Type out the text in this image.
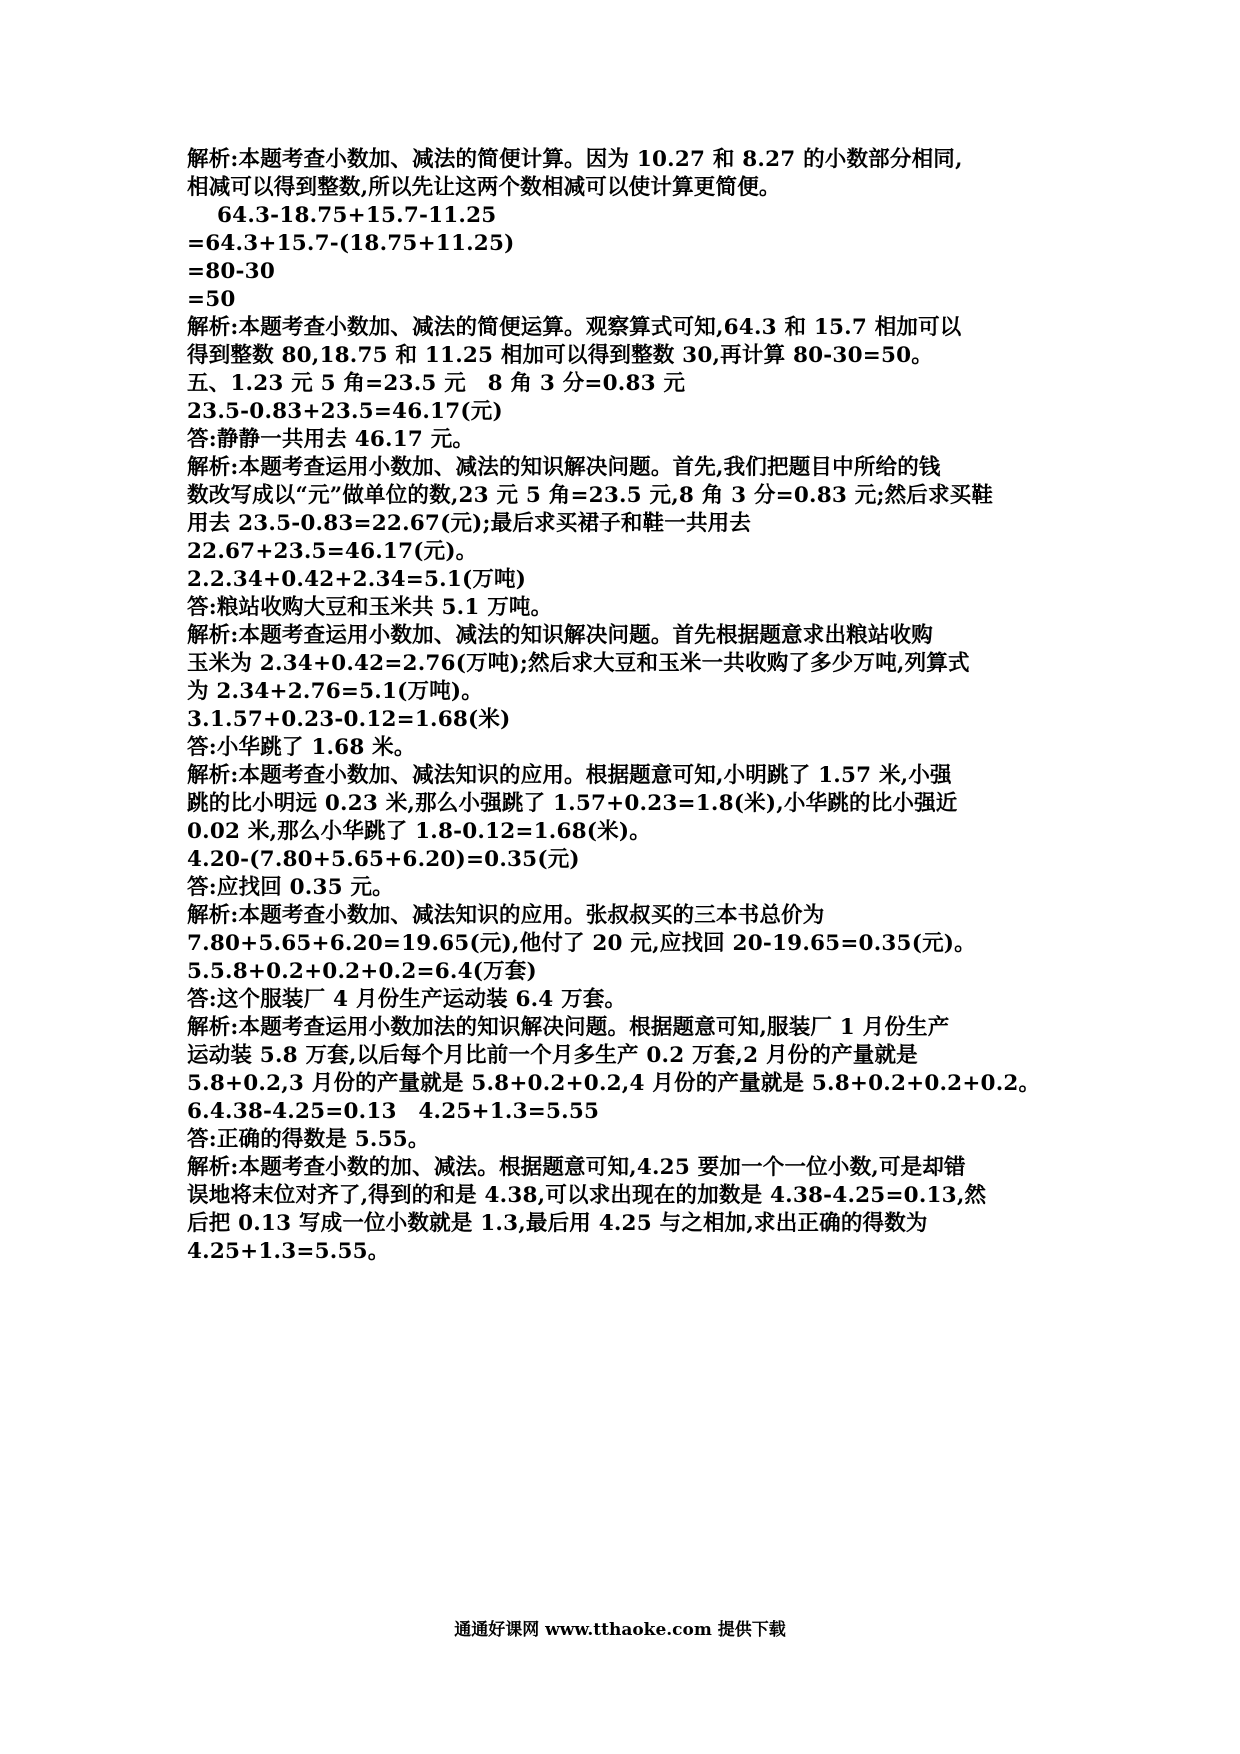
解析:本题考查小数加、减法的简便计算。因为 10.27 和 8.27 的小数部分相同,
相减可以得到整数,所以先让这两个数相减可以使计算更简便。
64.3-18.75+15.7-11.25
=64.3+15.7-(18.75+11.25)
=80-30
=50
解析:本题考查小数加、减法的简便运算。观察算式可知,64.3 和 15.7 相加可以
得到整数 80,18.75 和 11.25 相加可以得到整数 30,再计算 80-30=50。
五、1.23 元 5 角=23.5 元　8 角 3 分=0.83 元
23.5-0.83+23.5=46.17(元)
答:静静一共用去 46.17 元。
解析:本题考查运用小数加、减法的知识解决问题。首先,我们把题目中所给的钱
数改写成以“元”做单位的数,23 元 5 角=23.5 元,8 角 3 分=0.83 元;然后求买鞋
用去 23.5-0.83=22.67(元);最后求买裙子和鞋一共用去
22.67+23.5=46.17(元)。
2.2.34+0.42+2.34=5.1(万吨)
答:粮站收购大豆和玉米共 5.1 万吨。
解析:本题考查运用小数加、减法的知识解决问题。首先根据题意求出粮站收购
玉米为 2.34+0.42=2.76(万吨);然后求大豆和玉米一共收购了多少万吨,列算式
为 2.34+2.76=5.1(万吨)。
3.1.57+0.23-0.12=1.68(米)
答:小华跳了 1.68 米。
解析:本题考查小数加、减法知识的应用。根据题意可知,小明跳了 1.57 米,小强
跳的比小明远 0.23 米,那么小强跳了 1.57+0.23=1.8(米),小华跳的比小强近
0.02 米,那么小华跳了 1.8-0.12=1.68(米)。
4.20-(7.80+5.65+6.20)=0.35(元)
答:应找回 0.35 元。
解析:本题考查小数加、减法知识的应用。张叔叔买的三本书总价为
7.80+5.65+6.20=19.65(元),他付了 20 元,应找回 20-19.65=0.35(元)。
5.5.8+0.2+0.2+0.2=6.4(万套)
答:这个服装厂 4 月份生产运动装 6.4 万套。
解析:本题考查运用小数加法的知识解决问题。根据题意可知,服装厂 1 月份生产
运动装 5.8 万套,以后每个月比前一个月多生产 0.2 万套,2 月份的产量就是
5.8+0.2,3 月份的产量就是 5.8+0.2+0.2,4 月份的产量就是 5.8+0.2+0.2+0.2。
6.4.38-4.25=0.13　4.25+1.3=5.55
答:正确的得数是 5.55。
解析:本题考查小数的加、减法。根据题意可知,4.25 要加一个一位小数,可是却错
误地将末位对齐了,得到的和是 4.38,可以求出现在的加数是 4.38-4.25=0.13,然
后把 0.13 写成一位小数就是 1.3,最后用 4.25 与之相加,求出正确的得数为
4.25+1.3=5.55。
通通好课网 www.tthaoke.com 提供下载
